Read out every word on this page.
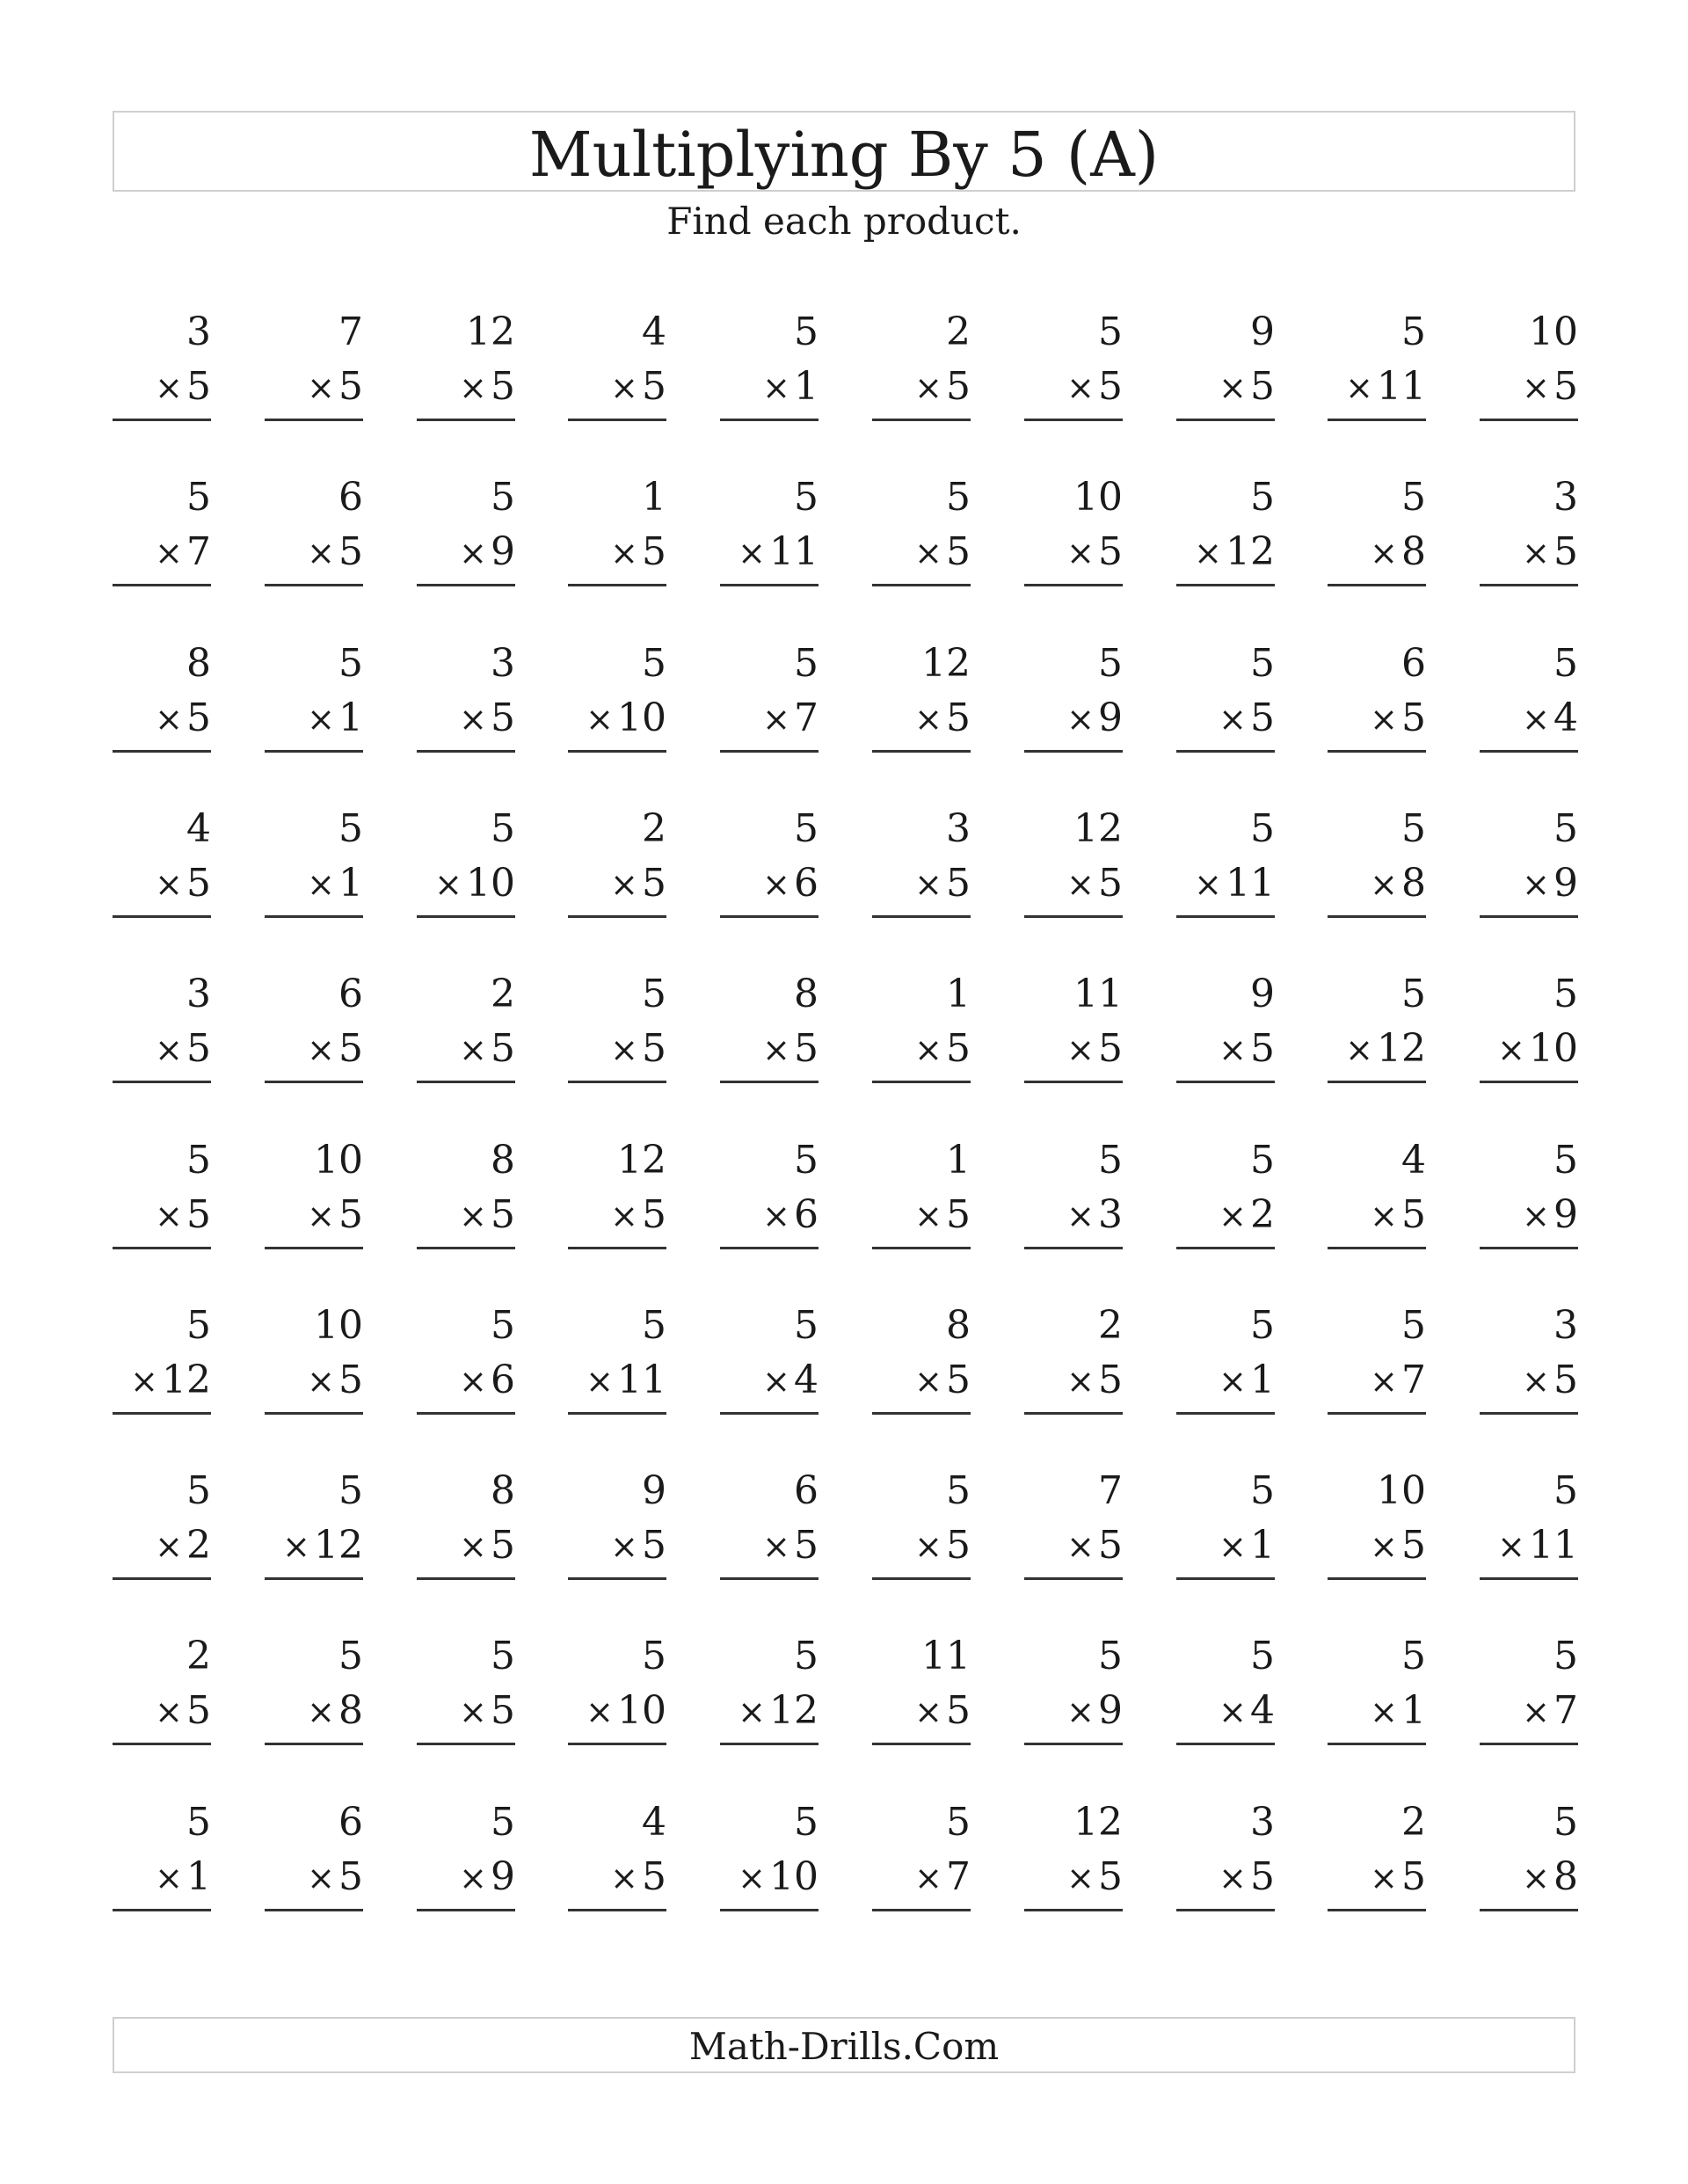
Multiplying By 5 (A)
Find each product.
3
×5
7
×5
12
×5
4
×5
5
×1
2
×5
5
×5
9
×5
5
×11
10
×5
5
×7
6
×5
5
×9
1
×5
5
×11
5
×5
10
×5
5
×12
5
×8
3
×5
8
×5
5
×1
3
×5
5
×10
5
×7
12
×5
5
×9
5
×5
6
×5
5
×4
4
×5
5
×1
5
×10
2
×5
5
×6
3
×5
12
×5
5
×11
5
×8
5
×9
3
×5
6
×5
2
×5
5
×5
8
×5
1
×5
11
×5
9
×5
5
×12
5
×10
5
×5
10
×5
8
×5
12
×5
5
×6
1
×5
5
×3
5
×2
4
×5
5
×9
5
×12
10
×5
5
×6
5
×11
5
×4
8
×5
2
×5
5
×1
5
×7
3
×5
5
×2
5
×12
8
×5
9
×5
6
×5
5
×5
7
×5
5
×1
10
×5
5
×11
2
×5
5
×8
5
×5
5
×10
5
×12
11
×5
5
×9
5
×4
5
×1
5
×7
5
×1
6
×5
5
×9
4
×5
5
×10
5
×7
12
×5
3
×5
2
×5
5
×8
Math-Drills.Com
